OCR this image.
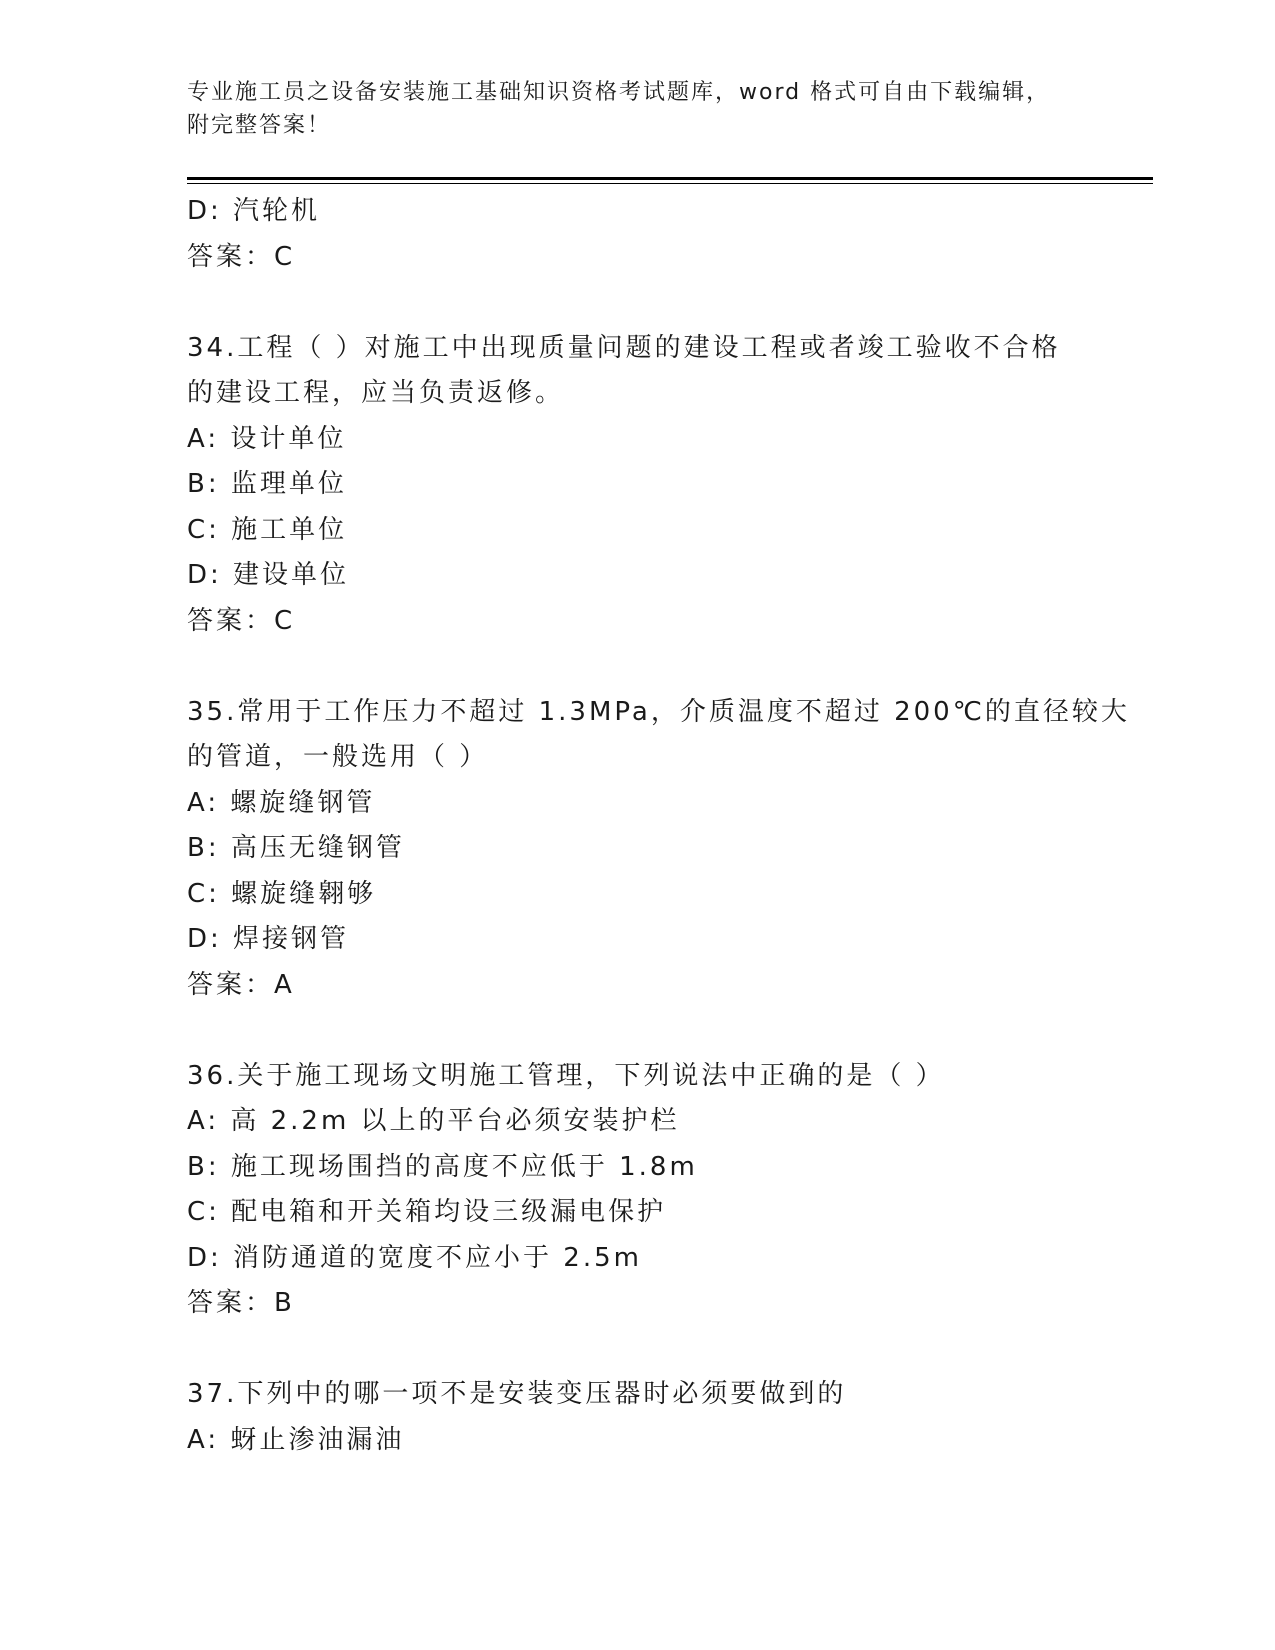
专业施工员之设备安装施工基础知识资格考试题库，word 格式可自由下载编辑，
附完整答案！
D: 汽轮机
答案：C
34.工程（ ）对施工中出现质量问题的建设工程或者竣工验收不合格
的建设工程，应当负责返修。
A: 设计单位
B: 监理单位
C: 施工单位
D: 建设单位
答案：C
35.常用于工作压力不超过 1.3MPa，介质温度不超过 200℃的直径较大
的管道，一般选用（ ）
A: 螺旋缝钢管
B: 高压无缝钢管
C: 螺旋缝翱够
D: 焊接钢管
答案：A
36.关于施工现场文明施工管理，下列说法中正确的是（ ）
A: 高 2.2m 以上的平台必须安装护栏
B: 施工现场围挡的高度不应低于 1.8m
C: 配电箱和开关箱均设三级漏电保护
D: 消防通道的宽度不应小于 2.5m
答案：B
37.下列中的哪一项不是安装变压器时必须要做到的
A: 蚜止渗油漏油
